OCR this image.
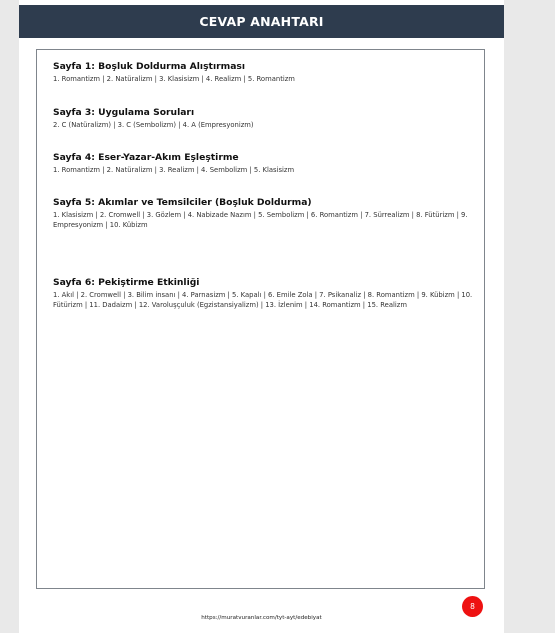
CEVAP ANAHTARI
Sayfa 1: Boşluk Doldurma Alıştırması
1. Romantizm | 2. Natüralizm | 3. Klasisizm | 4. Realizm | 5. Romantizm
Sayfa 3: Uygulama Soruları
2. C (Natüralizm) | 3. C (Sembolizm) | 4. A (Empresyonizm)
Sayfa 4: Eser-Yazar-Akım Eşleştirme
1. Romantizm | 2. Natüralizm | 3. Realizm | 4. Sembolizm | 5. Klasisizm
Sayfa 5: Akımlar ve Temsilciler (Boşluk Doldurma)
1. Klasisizm | 2. Cromwell | 3. Gözlem | 4. Nabizade Nazım | 5. Sembolizm | 6. Romantizm | 7. Sürrealizm | 8. Fütürizm | 9. Empresyonizm | 10. Kübizm
Sayfa 6: Pekiştirme Etkinliği
1. Akıl | 2. Cromwell | 3. Bilim insanı | 4. Parnasizm | 5. Kapalı | 6. Emile Zola | 7. Psikanaliz | 8. Romantizm | 9. Kübizm | 10. Fütürizm | 11. Dadaizm | 12. Varoluşçuluk (Egzistansiyalizm) | 13. İzlenim | 14. Romantizm | 15. Realizm
https://muratvuranlar.com/tyt-ayt/edebiyat
8
